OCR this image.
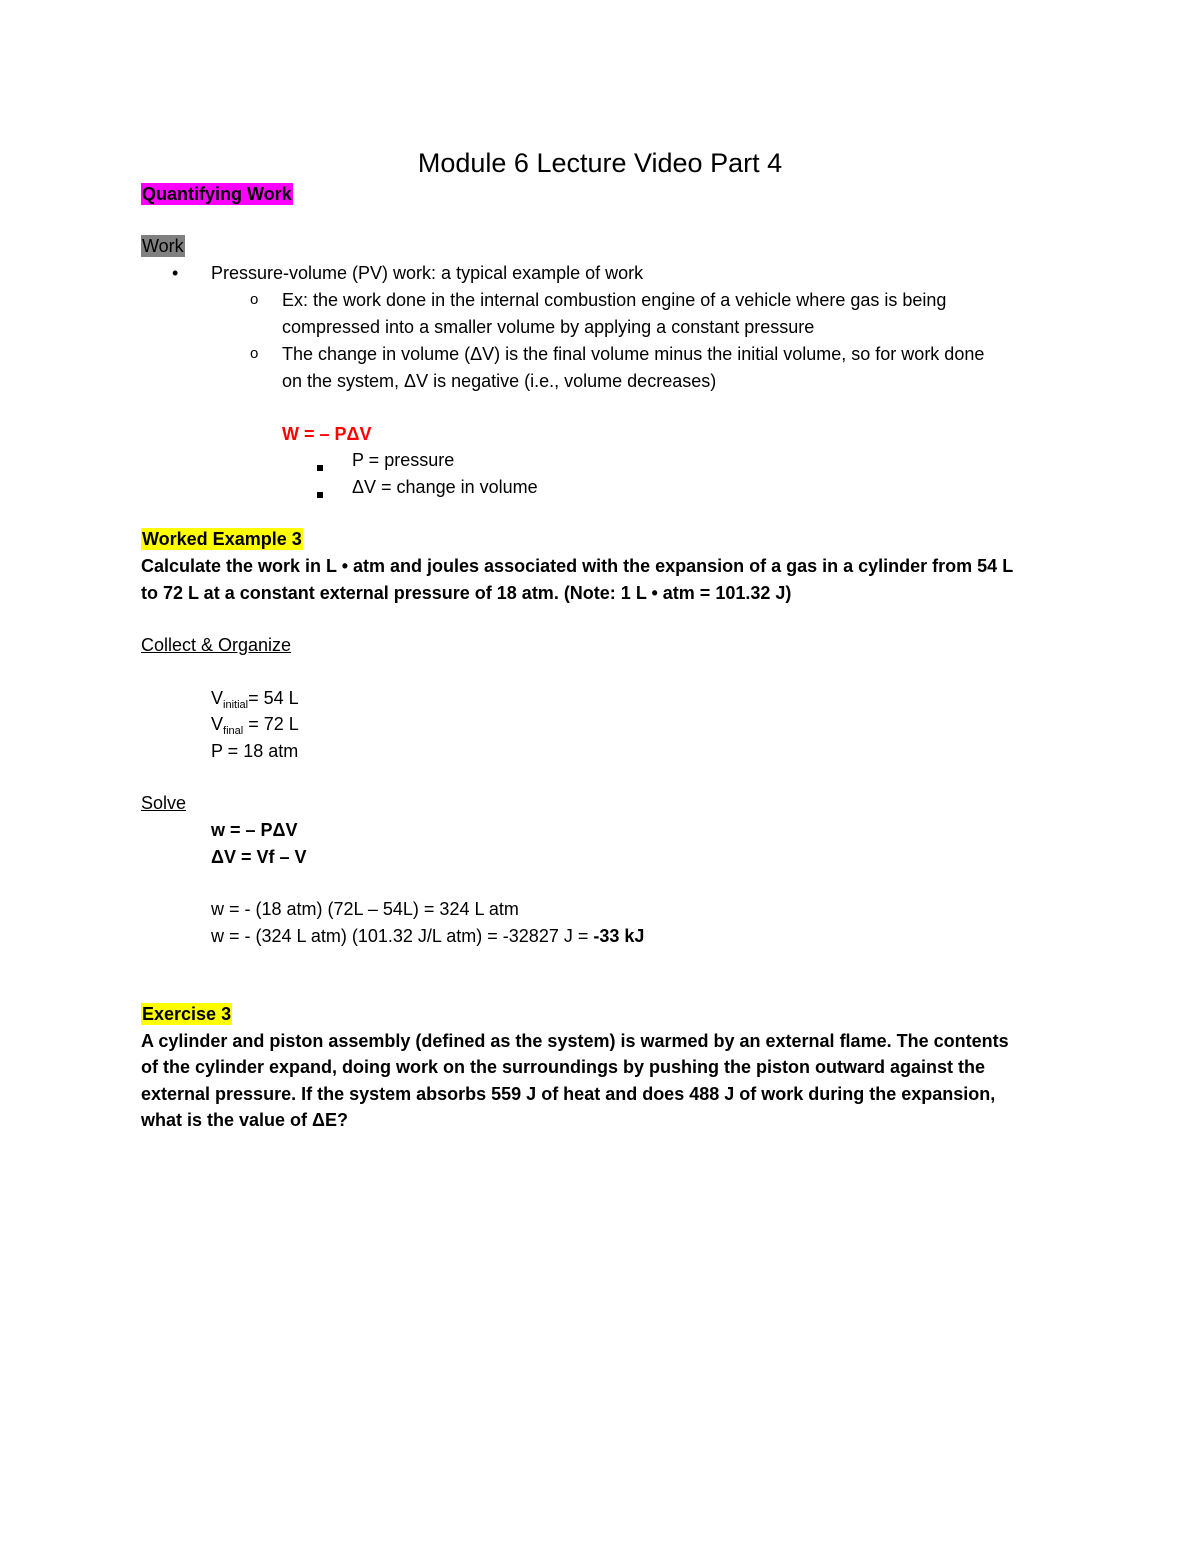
Module 6 Lecture Video Part 4
Quantifying Work
Work
• Pressure-volume (PV) work: a typical example of work
o Ex: the work done in the internal combustion engine of a vehicle where gas is being
compressed into a smaller volume by applying a constant pressure
o The change in volume (ΔV) is the final volume minus the initial volume, so for work done
on the system, ΔV is negative (i.e., volume decreases)
W = – PΔV
P = pressure
ΔV = change in volume
Worked Example 3
Calculate the work in L • atm and joules associated with the expansion of a gas in a cylinder from 54 L
to 72 L at a constant external pressure of 18 atm. (Note: 1 L • atm = 101.32 J)
Collect & Organize
$V_{initial}= 54$ L
$V_{final} = 72$ L
P = 18 atm
Solve
w = – PΔV
ΔV = Vf – V
w = - (18 atm) (72L – 54L) = 324 L atm
w = - (324 L atm) (101.32 J/L atm) = -32827 J = -33 kJ
Exercise 3
A cylinder and piston assembly (defined as the system) is warmed by an external flame. The contents
of the cylinder expand, doing work on the surroundings by pushing the piston outward against the
external pressure. If the system absorbs 559 J of heat and does 488 J of work during the expansion,
what is the value of ΔE?
